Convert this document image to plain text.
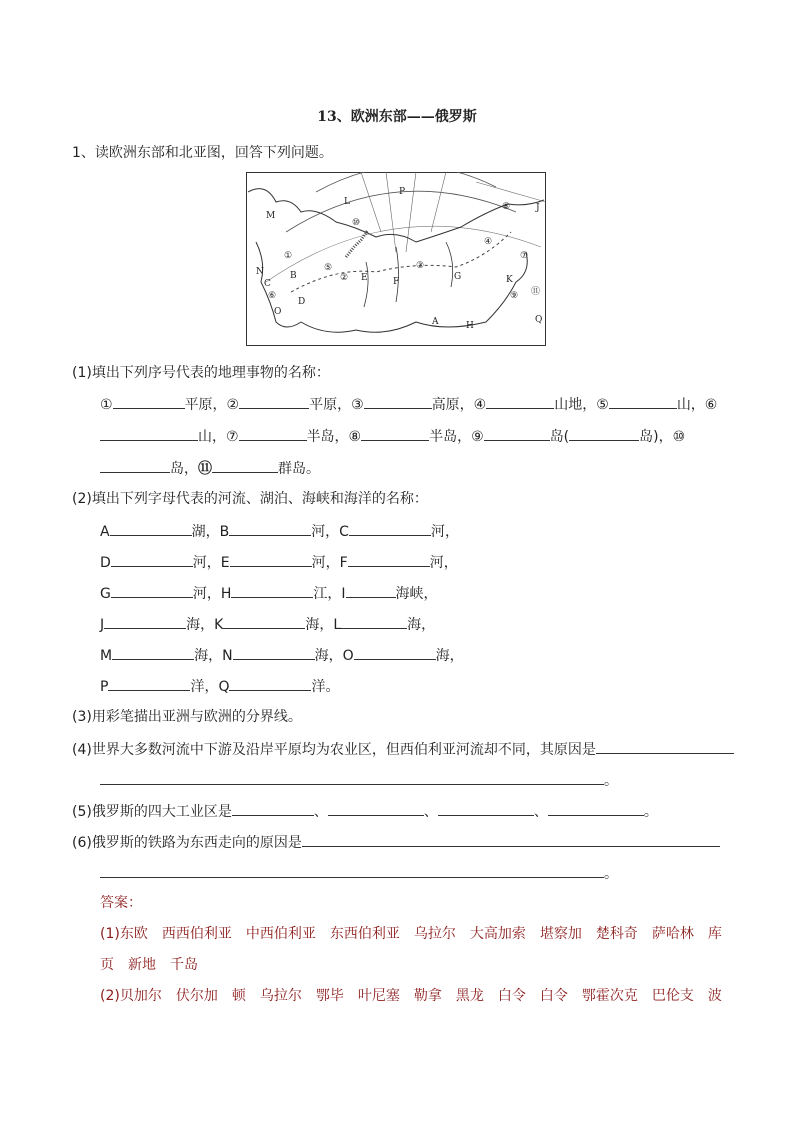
13、欧洲东部——俄罗斯
1、读欧洲东部和北亚图，回答下列问题。
P
L
M
J
①
②
③
④
⑤
⑥
⑦
⑧
⑨
⑩
⑪
B
C
D
E	F	G	K
N
O
A	H
Q
(1)填出下列序号代表的地理事物的名称：
①	平原，②	平原，③	高原，④	山地，⑤	山，⑥
山，⑦	半岛，⑧	半岛，⑨	岛(	岛)，⑩
岛，⑪	群岛。
(2)填出下列字母代表的河流、湖泊、海峡和海洋的名称：
A	湖，B	河，C	河，
D	河，E	河，F	河，
G	河，H	江，I	海峡，
J	海，K	海，L	海，
M	海，N	海，O	海，
P	洋，Q	洋。
(3)用彩笔描出亚洲与欧洲的分界线。
(4)世界大多数河流中下游及沿岸平原均为农业区，但西伯利亚河流却不同，其原因是
。
(5)俄罗斯的四大工业区是	、	、	、	。
(6)俄罗斯的铁路为东西走向的原因是
。
答案：
(1)东欧　西西伯利亚　中西伯利亚　东西伯利亚　乌拉尔　大高加索　堪察加　楚科奇　萨哈林　库
页　新地　千岛
(2)贝加尔　伏尔加　顿　乌拉尔　鄂毕　叶尼塞　勒拿　黑龙　白令　白令　鄂霍次克　巴伦支　波
